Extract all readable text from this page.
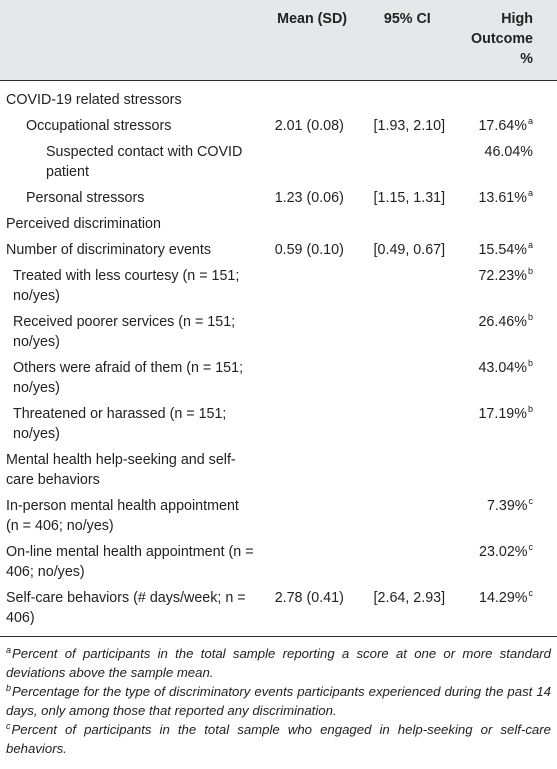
	Mean (SD)	95% CI	High Outcome %
COVID-19 related stressors			
Occupational stressors	2.01 (0.08)	[1.93, 2.10]	17.64%$^a$
Suspected contact with COVID patient			46.04%
Personal stressors	1.23 (0.06)	[1.15, 1.31]	13.61%$^a$
Perceived discrimination			
Number of discriminatory events	0.59 (0.10)	[0.49, 0.67]	15.54%$^a$
Treated with less courtesy (n = 151; no/yes)			72.23%$^b$
Received poorer services (n = 151; no/yes)			26.46%$^b$
Others were afraid of them (n = 151; no/yes)			43.04%$^b$
Threatened or harassed (n = 151; no/yes)			17.19%$^b$
Mental health help-seeking and self-care behaviors			
In-person mental health appointment (n = 406; no/yes)			7.39%$^c$
On-line mental health appointment (n = 406; no/yes)			23.02%$^c$
Self-care behaviors (# days/week; n = 406)	2.78 (0.41)	[2.64, 2.93]	14.29%$^c$

$^a$Percent of participants in the total sample reporting a score at one or more standard deviations above the sample mean.

$^b$Percentage for the type of discriminatory events participants experienced during the past 14 days, only among those that reported any discrimination.

$^c$Percent of participants in the total sample who engaged in help-seeking or self-care behaviors.
